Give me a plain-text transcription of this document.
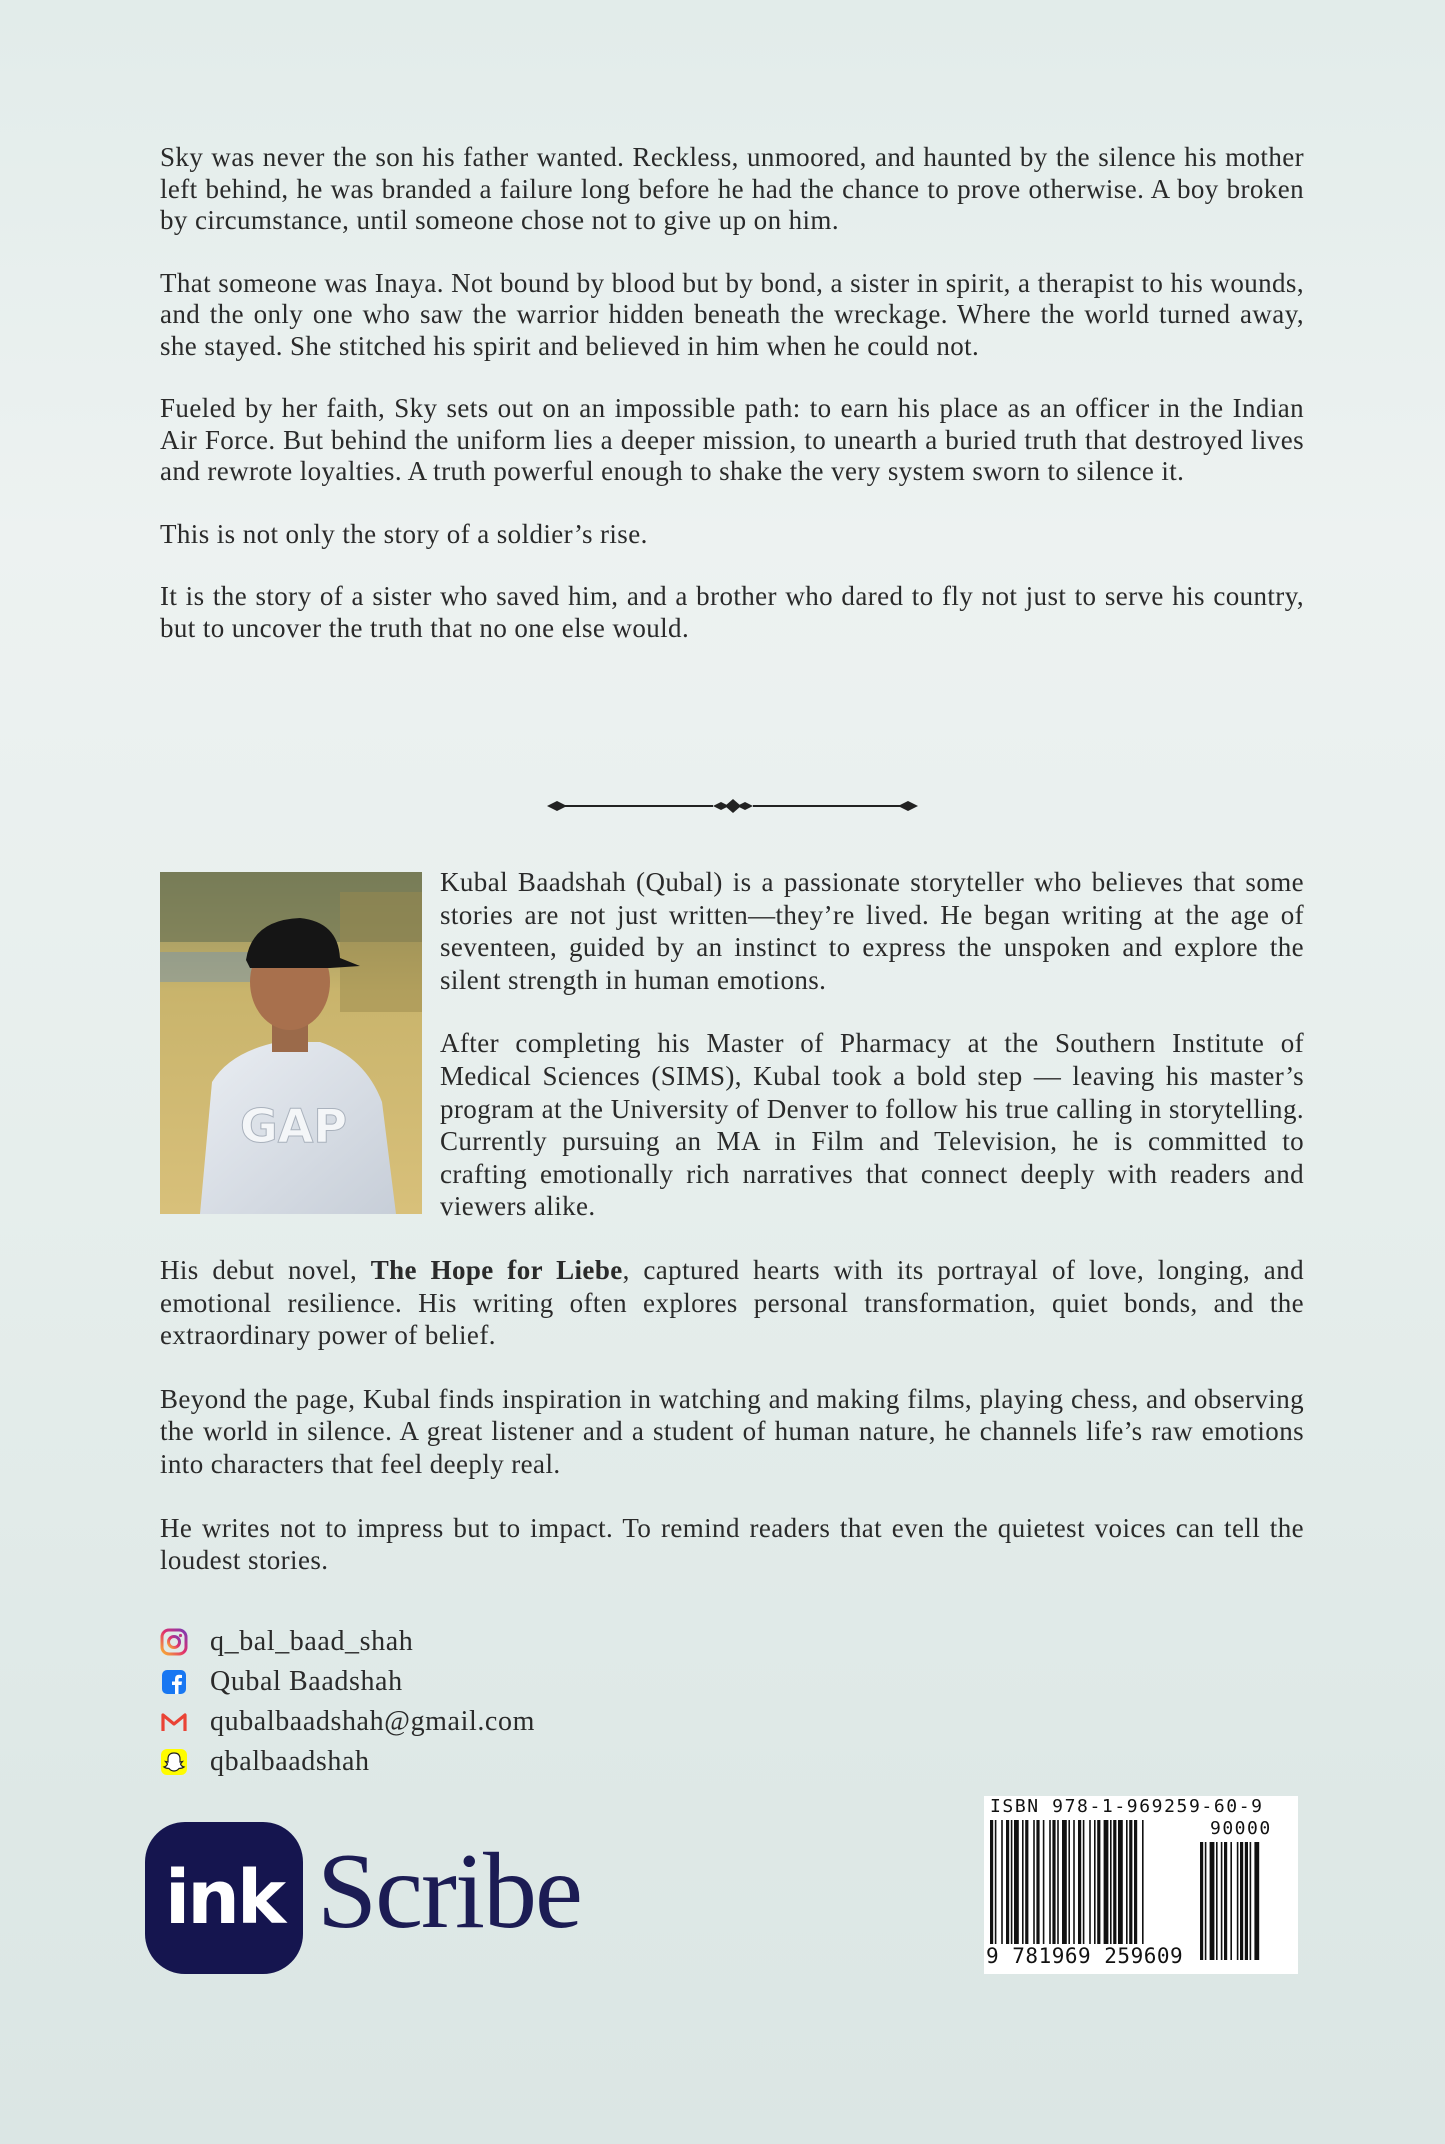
Sky was never the son his father wanted. Reckless, unmoored, and haunted by the silence his mother left behind, he was branded a failure long before he had the chance to prove otherwise. A boy broken by circumstance, until someone chose not to give up on him.

That someone was Inaya. Not bound by blood but by bond, a sister in spirit, a therapist to his wounds, and the only one who saw the warrior hidden beneath the wreckage. Where the world turned away, she stayed. She stitched his spirit and believed in him when he could not.

Fueled by her faith, Sky sets out on an impossible path: to earn his place as an officer in the Indian Air Force. But behind the uniform lies a deeper mission, to unearth a buried truth that destroyed lives and rewrote loyalties. A truth powerful enough to shake the very system sworn to silence it.

This is not only the story of a soldier’s rise.

It is the story of a sister who saved him, and a brother who dared to fly not just to serve his country, but to uncover the truth that no one else would.

GAP

Kubal Baadshah (Qubal) is a passionate storyteller who believes that some stories are not just written—they’re lived. He began writing at the age of seventeen, guided by an instinct to express the unspoken and explore the silent strength in human emotions.

After completing his Master of Pharmacy at the Southern Institute of Medical Sciences (SIMS), Kubal took a bold step — leaving his master’s program at the University of Denver to follow his true calling in storytelling. Currently pursuing an MA in Film and Television, he is committed to crafting emotionally rich narratives that connect deeply with readers and viewers alike.

His debut novel, The Hope for Liebe, captured hearts with its portrayal of love, longing, and emotional resilience. His writing often explores personal transformation, quiet bonds, and the extraordinary power of belief.

Beyond the page, Kubal finds inspiration in watching and making films, playing chess, and observing the world in silence. A great listener and a student of human nature, he channels life’s raw emotions into characters that feel deeply real.

He writes not to impress but to impact. To remind readers that even the quietest voices can tell the loudest stories.

q_bal_baad_shah
Qubal Baadshah
qubalbaadshah@gmail.com
qbalbaadshah
ink Scribe
ISBN 978-1-969259-60-9
90000
9 781969 259609
